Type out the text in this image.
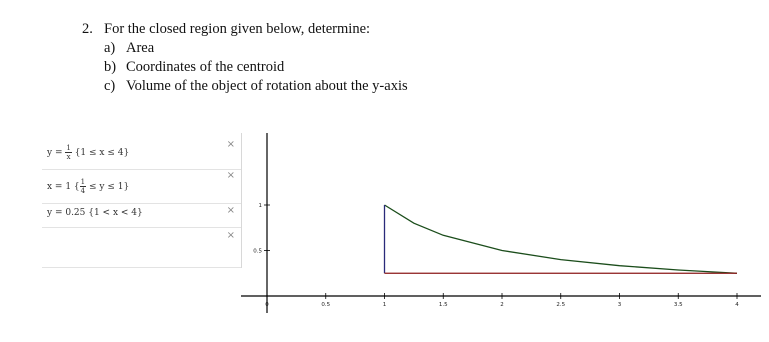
2. For the closed region given below, determine:
a) Area
b) Coordinates of the centroid
c) Volume of the object of rotation about the y-axis
$y = \frac{1}{x} \{1 \le x \le 4\}$
×
x = 1 { $\frac{1}{4} \le y \le 1$}
×
y = 0.25 {1 < x < 4}	×
×
0	0.5	1	1.5	2	2.5	3	3.5	4
1
0.5
